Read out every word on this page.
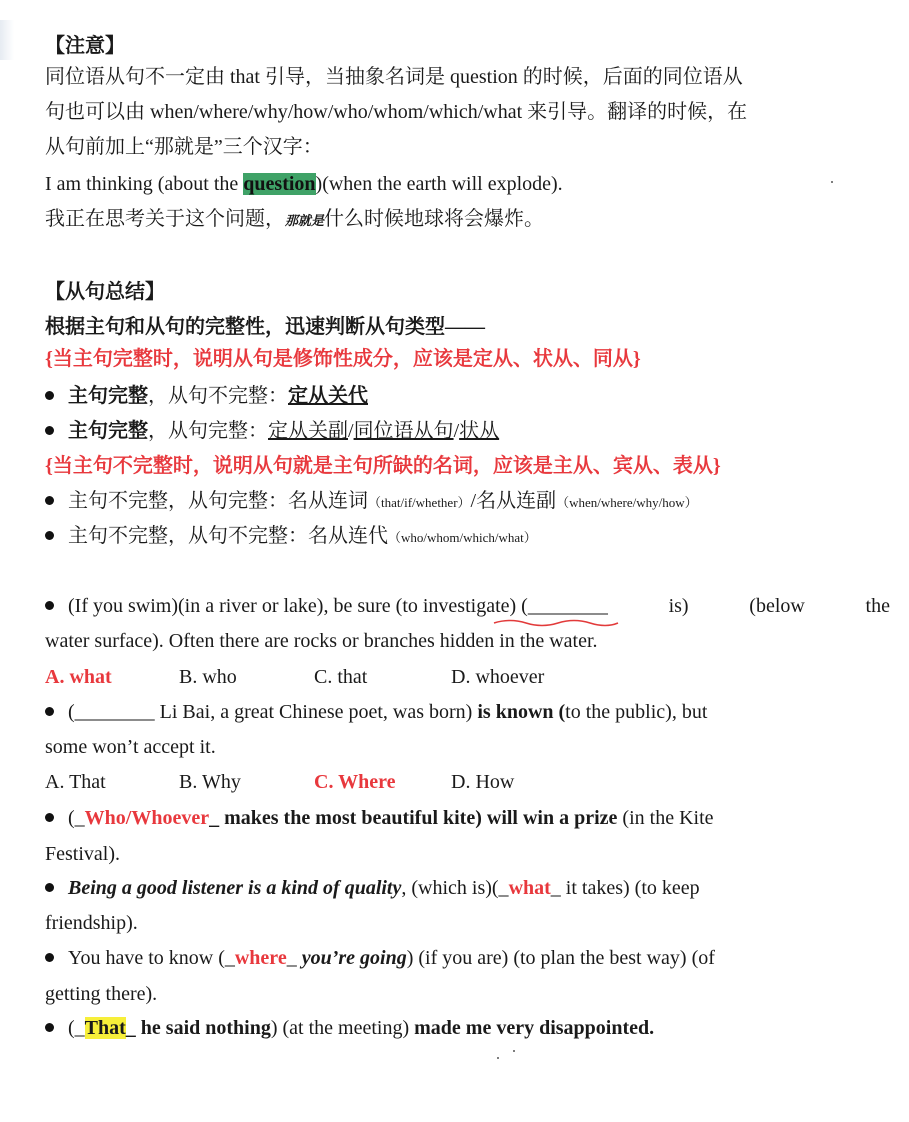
【注意】
同位语从句不一定由 that 引导，当抽象名词是 question 的时候，后面的同位语从
句也可以由 when/where/why/how/who/whom/which/what 来引导。翻译的时候，在
从句前加上“那就是”三个汉字：
I am thinking (about the question)(when the earth will explode).
我正在思考关于这个问题，那就是什么时候地球将会爆炸。
【从句总结】
根据主句和从句的完整性，迅速判断从句类型——
{当主句完整时，说明从句是修饰性成分，应该是定从、状从、同从}
主句完整，从句不完整：定从关代
主句完整，从句完整：定从关副/同位语从句/状从
{当主句不完整时，说明从句就是主句所缺的名词，应该是主从、宾从、表从}
主句不完整，从句完整：名从连词（that/if/whether）/名从连副（when/where/why/how）
主句不完整，从句不完整：名从连代（who/whom/which/what）
(If you swim)(in a river or lake), be sure (to investigate) (________	is)	(below	the
water surface). Often there are rocks or branches hidden in the water.
A. what	B. who	C. that	D. whoever
(________ Li Bai, a great Chinese poet, was born) is known (to the public), but
some won’t accept it.
A. That	B. Why	C. Where	D. How
(_Who/Whoever_ makes the most beautiful kite) will win a prize (in the Kite
Festival).
Being a good listener is a kind of quality, (which is)(_what_ it takes) (to keep
friendship).
You have to know (_where_ you’re going) (if you are) (to plan the best way) (of
getting there).
(_That_ he said nothing) (at the meeting) made me very disappointed.
